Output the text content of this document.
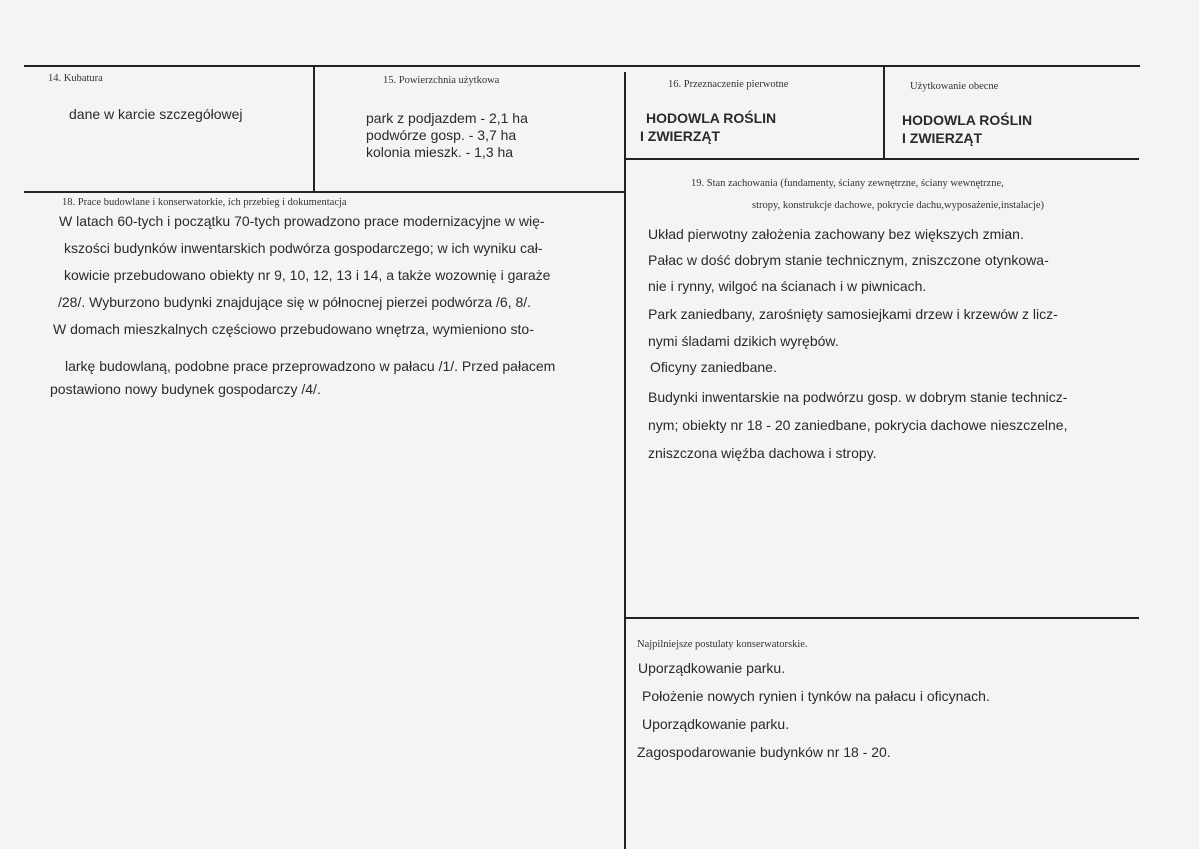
14. Kubatura
dane w karcie szczegółowej
15. Powierzchnia użytkowa
park z podjazdem - 2,1 ha
podwórze gosp. - 3,7 ha
kolonia mieszk. - 1,3 ha
16. Przeznaczenie pierwotne
HODOWLA ROŚLIN
I ZWIERZĄT
Użytkowanie obecne
HODOWLA ROŚLIN
I ZWIERZĄT
18. Prace budowlane i konserwatorkie, ich przebieg i dokumentacja
W latach 60-tych i początku 70-tych prowadzono prace modernizacyjne w wię-
kszości budynków inwentarskich podwórza gospodarczego; w ich wyniku cał-
kowicie przebudowano obiekty nr 9, 10, 12, 13 i 14, a także wozownię i garaże
/28/. Wyburzono budynki znajdujące się w północnej pierzei podwórza /6, 8/.
W domach mieszkalnych częściowo przebudowano wnętrza, wymieniono sto-
larkę budowlaną, podobne prace przeprowadzono w pałacu /1/. Przed pałacem
postawiono nowy budynek gospodarczy /4/.
19. Stan zachowania (fundamenty, ściany zewnętrzne, ściany wewnętrzne,
stropy, konstrukcje dachowe, pokrycie dachu,wyposażenie,instalacje)
Układ pierwotny założenia zachowany bez większych zmian.
Pałac w dość dobrym stanie technicznym, zniszczone otynkowa-
nie i rynny, wilgoć na ścianach i w piwnicach.
Park zaniedbany, zarośnięty samosiejkami drzew i krzewów z licz-
nymi śladami dzikich wyrębów.
Oficyny zaniedbane.
Budynki inwentarskie na podwórzu gosp. w dobrym stanie technicz-
nym; obiekty nr 18 - 20 zaniedbane, pokrycia dachowe nieszczelne,
zniszczona więźba dachowa i stropy.
Najpilniejsze postulaty konserwatorskie.
Uporządkowanie parku.
Położenie nowych rynien i tynków na pałacu i oficynach.
Uporządkowanie parku.
Zagospodarowanie budynków nr 18 - 20.
